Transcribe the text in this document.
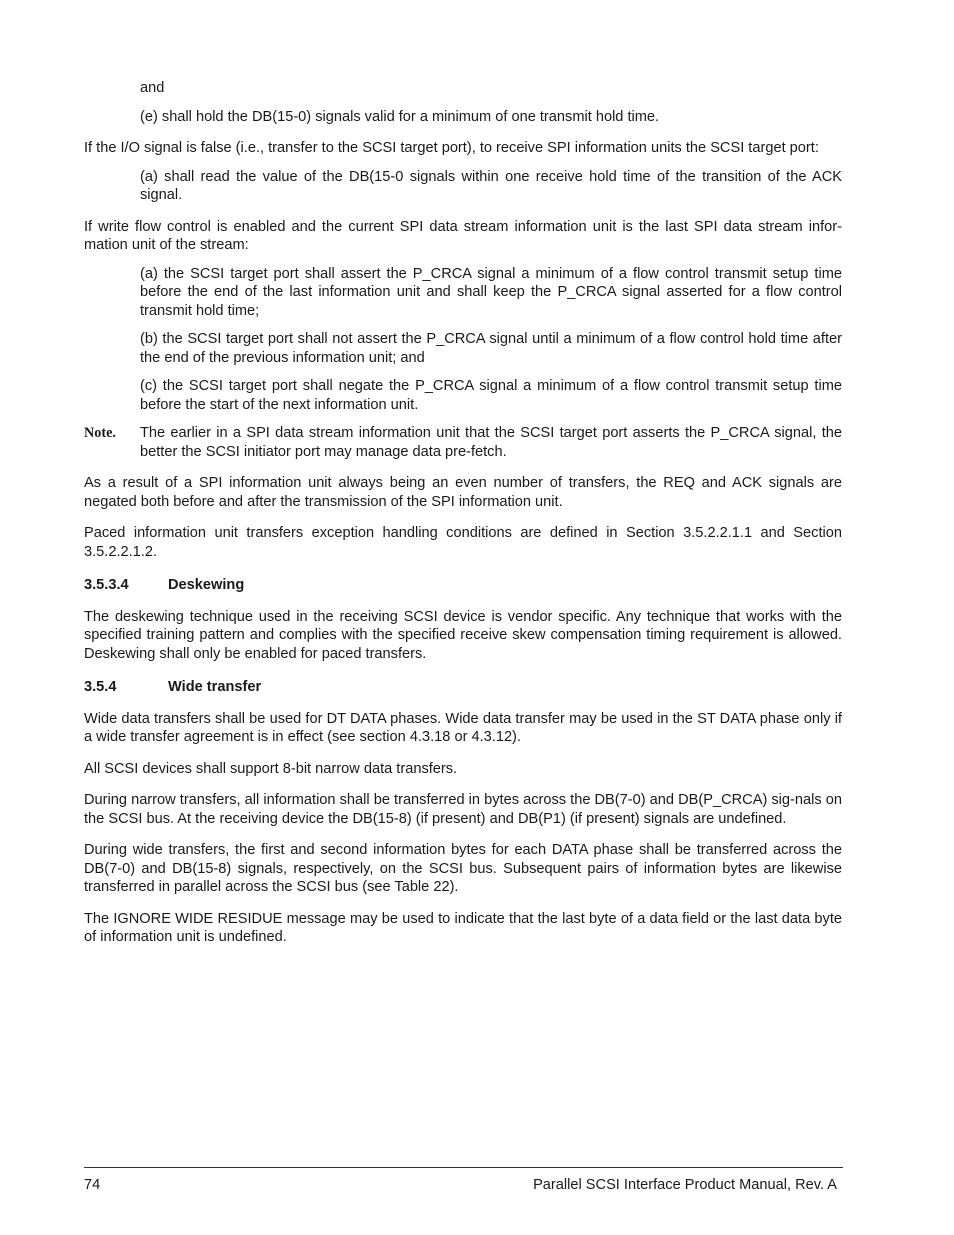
and

(e) shall hold the DB(15-0) signals valid for a minimum of one transmit hold time.

If the I/O signal is false (i.e., transfer to the SCSI target port), to receive SPI information units the SCSI target port:

(a) shall read the value of the DB(15-0 signals within one receive hold time of the transition of the ACK signal.

If write flow control is enabled and the current SPI data stream information unit is the last SPI data stream infor-mation unit of the stream:

(a) the SCSI target port shall assert the P_CRCA signal a minimum of a flow control transmit setup time before the end of the last information unit and shall keep the P_CRCA signal asserted for a flow control transmit hold time;

(b) the SCSI target port shall not assert the P_CRCA signal until a minimum of a flow control hold time after the end of the previous information unit; and

(c) the SCSI target port shall negate the P_CRCA signal a minimum of a flow control transmit setup time before the start of the next information unit.

Note.	The earlier in a SPI data stream information unit that the SCSI target port asserts the P_CRCA signal, the better the SCSI initiator port may manage data pre-fetch.

As a result of a SPI information unit always being an even number of transfers, the REQ and ACK signals are negated both before and after the transmission of the SPI information unit.

Paced information unit transfers exception handling conditions are defined in Section 3.5.2.2.1.1 and Section 3.5.2.2.1.2.

3.5.3.4	Deskewing

The deskewing technique used in the receiving SCSI device is vendor specific. Any technique that works with the specified training pattern and complies with the specified receive skew compensation timing requirement is allowed. Deskewing shall only be enabled for paced transfers.

3.5.4	Wide transfer

Wide data transfers shall be used for DT DATA phases. Wide data transfer may be used in the ST DATA phase only if a wide transfer agreement is in effect (see section 4.3.18 or 4.3.12).

All SCSI devices shall support 8-bit narrow data transfers.

During narrow transfers, all information shall be transferred in bytes across the DB(7-0) and DB(P_CRCA) sig-nals on the SCSI bus. At the receiving device the DB(15-8) (if present) and DB(P1) (if present) signals are undefined.

During wide transfers, the first and second information bytes for each DATA phase shall be transferred across the DB(7-0) and DB(15-8) signals, respectively, on the SCSI bus. Subsequent pairs of information bytes are likewise transferred in parallel across the SCSI bus (see Table 22).

The IGNORE WIDE RESIDUE message may be used to indicate that the last byte of a data field or the last data byte of information unit is undefined.

74	Parallel SCSI Interface Product Manual, Rev. A
